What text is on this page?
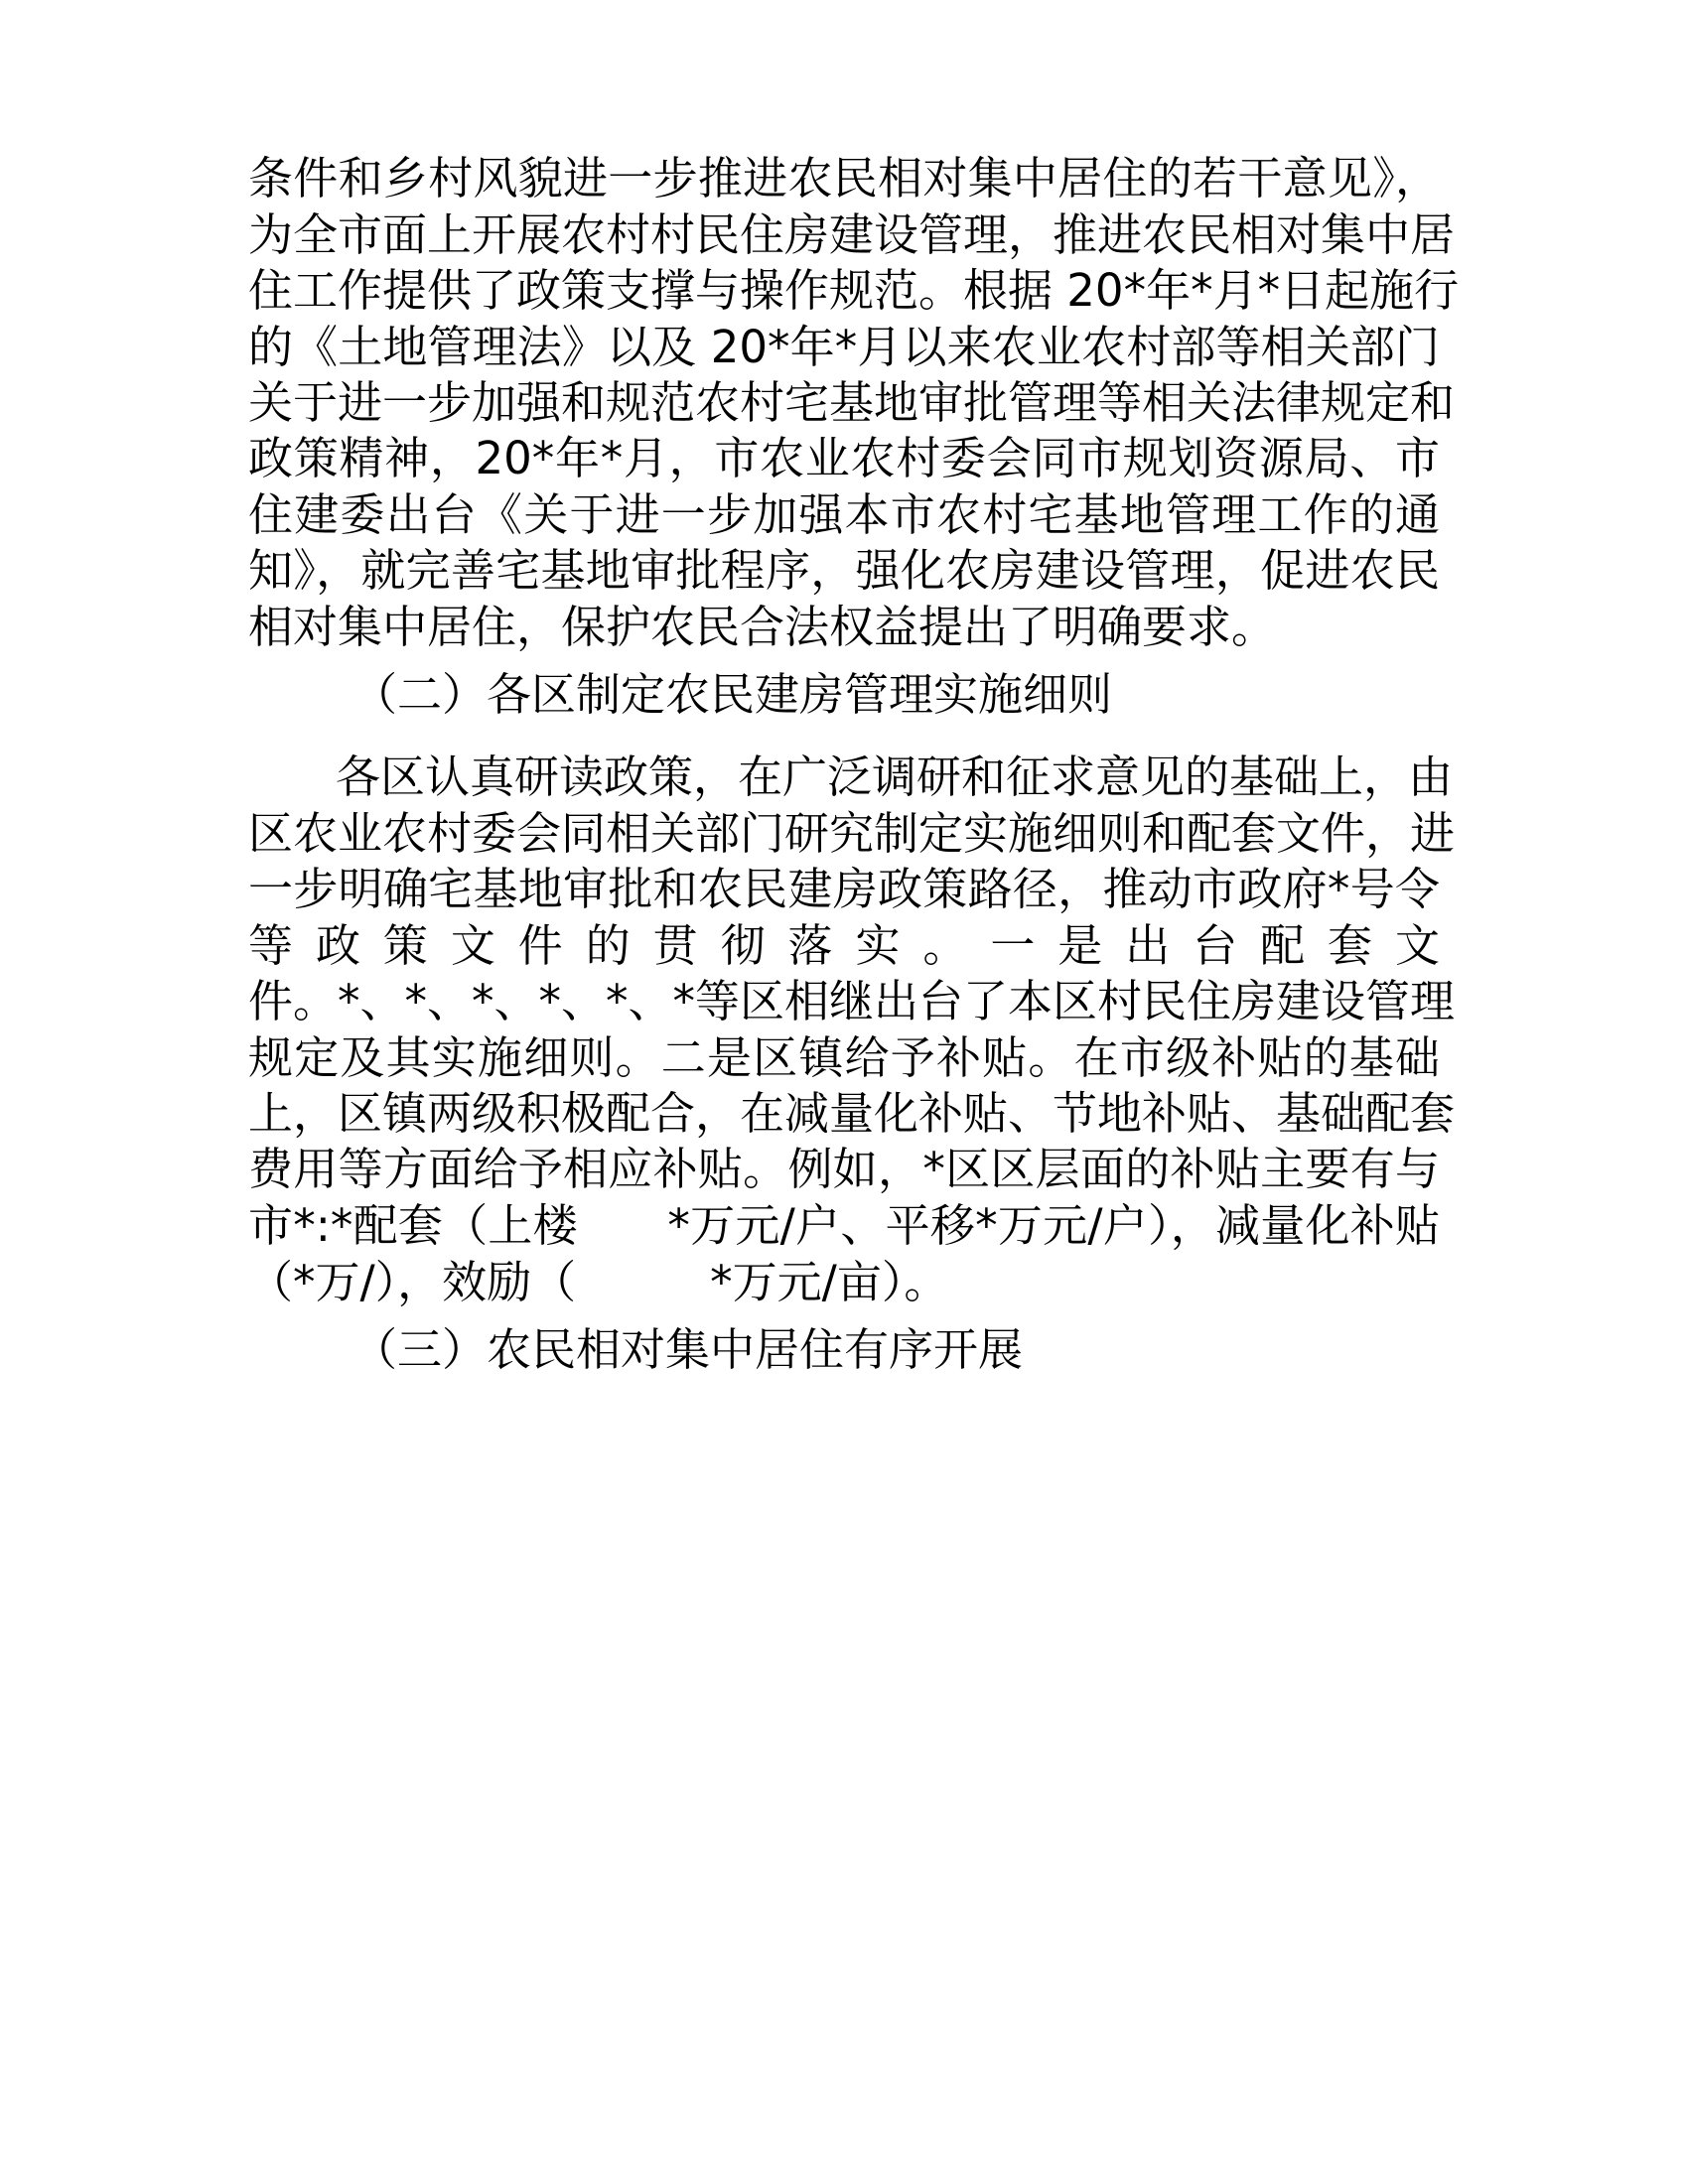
条件和乡村风貌进一步推进农民相对集中居住的若干意见》，
为全市面上开展农村村民住房建设管理，推进农民相对集中居
住工作提供了政策支撑与操作规范。根据 20*年*月*日起施行
的《土地管理法》以及 20*年*月以来农业农村部等相关部门
关于进一步加强和规范农村宅基地审批管理等相关法律规定和
政策精神，20*年*月，市农业农村委会同市规划资源局、市
住建委出台《关于进一步加强本市农村宅基地管理工作的通
知》，就完善宅基地审批程序，强化农房建设管理，促进农民
相对集中居住，保护农民合法权益提出了明确要求。
（二）各区制定农民建房管理实施细则
各区认真研读政策，在广泛调研和征求意见的基础上，由
区农业农村委会同相关部门研究制定实施细则和配套文件，进
一步明确宅基地审批和农民建房政策路径，推动市政府*号令
等 政 策 文 件 的 贯 彻 落 实 。 一 是 出 台 配 套 文
件。*、*、*、*、*、*等区相继出台了本区村民住房建设管理
规定及其实施细则。二是区镇给予补贴。在市级补贴的基础
上，区镇两级积极配合，在减量化补贴、节地补贴、基础配套
费用等方面给予相应补贴。例如，*区区层面的补贴主要有与
市*:*配套（上楼　　*万元/户、平移*万元/户），减量化补贴
（*万/），效励（　　　*万元/亩）。
（三）农民相对集中居住有序开展
